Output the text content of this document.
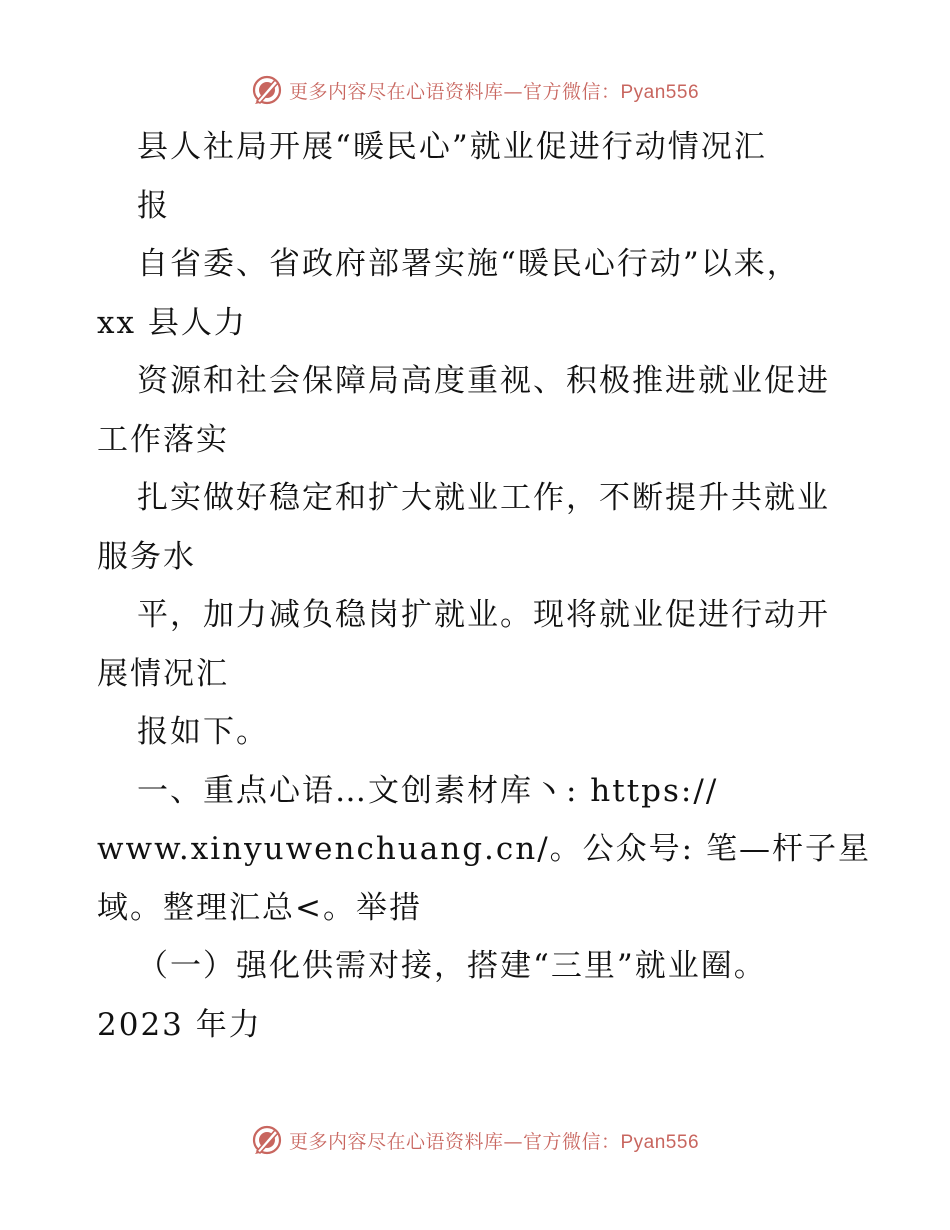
更多内容尽在心语资料库—官方微信：Pyan556
县人社局开展“暖民心”就业促进行动情况汇
报
自省委、省政府部署实施“暖民心行动”以来，
xx 县人力
资源和社会保障局高度重视、积极推进就业促进
工作落实
扎实做好稳定和扩大就业工作，不断提升共就业
服务水
平，加力减负稳岗扩就业。现将就业促进行动开
展情况汇
报如下。
一、重点心语…文创素材库丶: https://
www.xinyuwenchuang.cn/。公众号: 笔—杆子星
域。整理汇总<。举措
（一）强化供需对接，搭建“三里”就业圈。
2023 年力
更多内容尽在心语资料库—官方微信：Pyan556
